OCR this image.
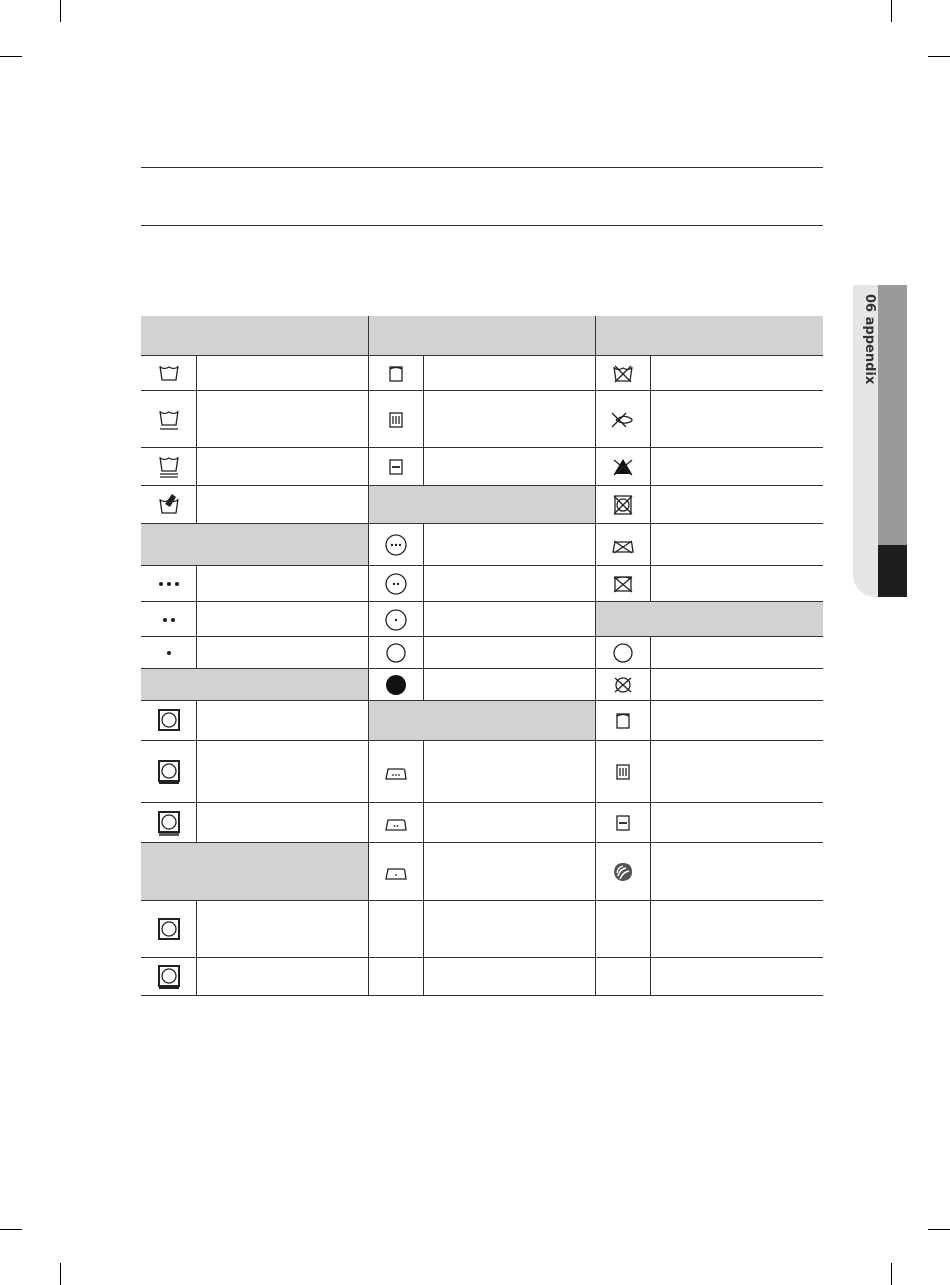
06 appendix
